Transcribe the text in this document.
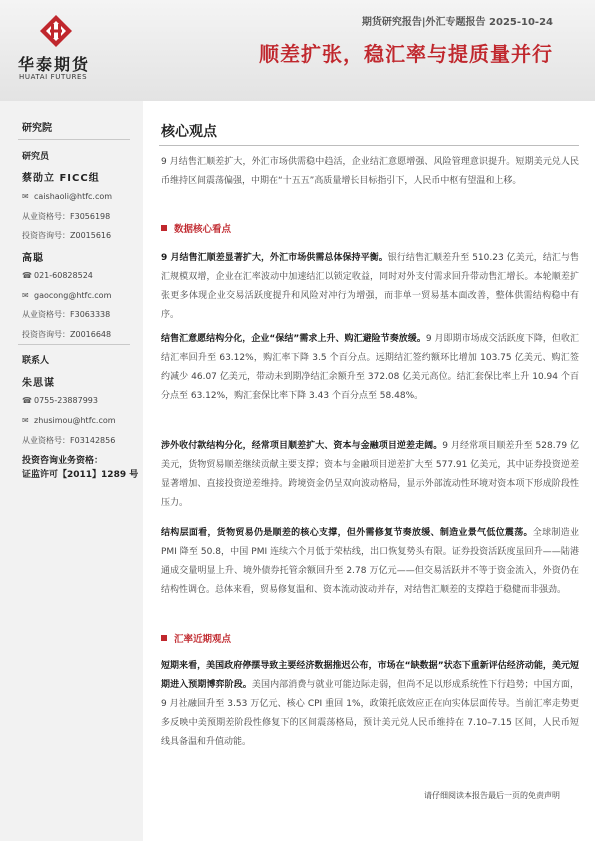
华泰期货
HUATAI FUTURES
期货研究报告|外汇专题报告 2025-10-24
顺差扩张，稳汇率与提质量并行
研究院
研究员
蔡劭立 FICC组
✉ caishaoli@htfc.com
从业资格号：F3056198
投资咨询号：Z0015616
高聪
☎ 021-60828524
✉ gaocong@htfc.com
从业资格号：F3063338
投资咨询号：Z0016648
联系人
朱思谋
☎ 0755-23887993
✉ zhusimou@htfc.com
从业资格号：F03142856
投资咨询业务资格：
证监许可【2011】1289 号
核心观点

9 月结售汇顺差扩大，外汇市场供需稳中趋活，企业结汇意愿增强、风险管理意识提升。短期美元兑人民币维持区间震荡偏强，中期在“十五五”高质量增长目标指引下，人民币中枢有望温和上移。

数据核心看点

9 月结售汇顺差显著扩大，外汇市场供需总体保持平衡。银行结售汇顺差升至 510.23 亿美元，结汇与售汇规模双增，企业在汇率波动中加速结汇以锁定收益，同时对外支付需求回升带动售汇增长。本轮顺差扩张更多体现企业交易活跃度提升和风险对冲行为增强，而非单一贸易基本面改善，整体供需结构稳中有序。

结售汇意愿结构分化，企业“保结”需求上升、购汇避险节奏放缓。9 月即期市场成交活跃度下降，但收汇结汇率回升至 63.12%，购汇率下降 3.5 个百分点。远期结汇签约额环比增加 103.75 亿美元、购汇签约减少 46.07 亿美元，带动未到期净结汇余额升至 372.08 亿美元高位。结汇套保比率上升 10.94 个百分点至 63.12%，购汇套保比率下降 3.43 个百分点至 58.48%。

涉外收付款结构分化，经常项目顺差扩大、资本与金融项目逆差走阔。9 月经常项目顺差升至 528.79 亿美元，货物贸易顺差继续贡献主要支撑；资本与金融项目逆差扩大至 577.91 亿美元，其中证券投资逆差显著增加、直接投资逆差维持。跨境资金仍呈双向波动格局，显示外部流动性环境对资本项下形成阶段性压力。

结构层面看，货物贸易仍是顺差的核心支撑，但外需修复节奏放缓、制造业景气低位震荡。全球制造业 PMI 降至 50.8，中国 PMI 连续六个月低于荣枯线，出口恢复势头有限。证券投资活跃度虽回升——陆港通成交量明显上升、境外债券托管余额回升至 2.78 万亿元——但交易活跃并不等于资金流入，外资仍在结构性调仓。总体来看，贸易修复温和、资本流动波动并存，对结售汇顺差的支撑趋于稳健而非强劲。

汇率近期观点

短期来看，美国政府停摆导致主要经济数据推迟公布，市场在“缺数据”状态下重新评估经济动能，美元短期进入预期博弈阶段。美国内部消费与就业可能边际走弱，但尚不足以形成系统性下行趋势；中国方面，9 月社融回升至 3.53 万亿元、核心 CPI 重回 1%，政策托底效应正在向实体层面传导。当前汇率走势更多反映中美预期差阶段性修复下的区间震荡格局，预计美元兑人民币维持在 7.10–7.15 区间，人民币短线具备温和升值动能。

请仔细阅读本报告最后一页的免责声明
